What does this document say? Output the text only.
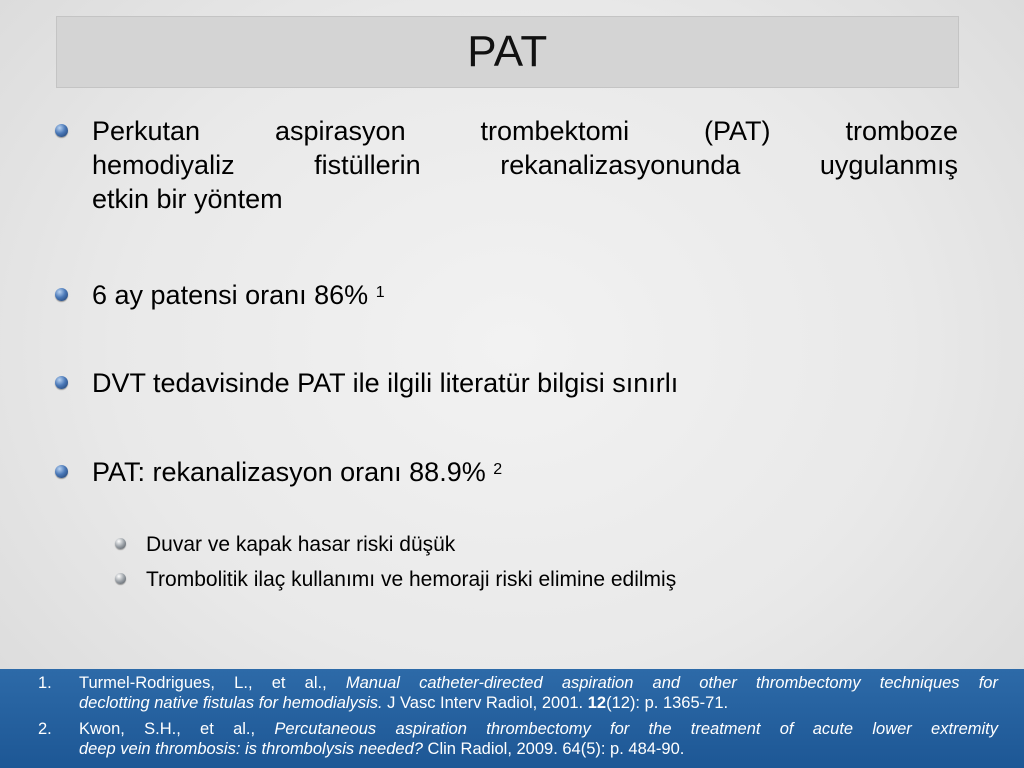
PAT
Perkutan aspirasyon trombektomi (PAT) tromboze
hemodiyaliz fistüllerin rekanalizasyonunda uygulanmış
etkin bir yöntem
6 ay patensi oranı 86% $^1$
DVT tedavisinde PAT ile ilgili literatür bilgisi sınırlı
PAT: rekanalizasyon oranı 88.9% $^2$
Duvar ve kapak hasar riski düşük
Trombolitik ilaç kullanımı ve hemoraji riski elimine edilmiş
1.	Turmel-Rodrigues, L., et al., Manual catheter-directed aspiration and other thrombectomy techniques for
declotting native fistulas for hemodialysis. J Vasc Interv Radiol, 2001. 12(12): p. 1365-71.
2.	Kwon, S.H., et al., Percutaneous aspiration thrombectomy for the treatment of acute lower extremity
deep vein thrombosis: is thrombolysis needed? Clin Radiol, 2009. 64(5): p. 484-90.
